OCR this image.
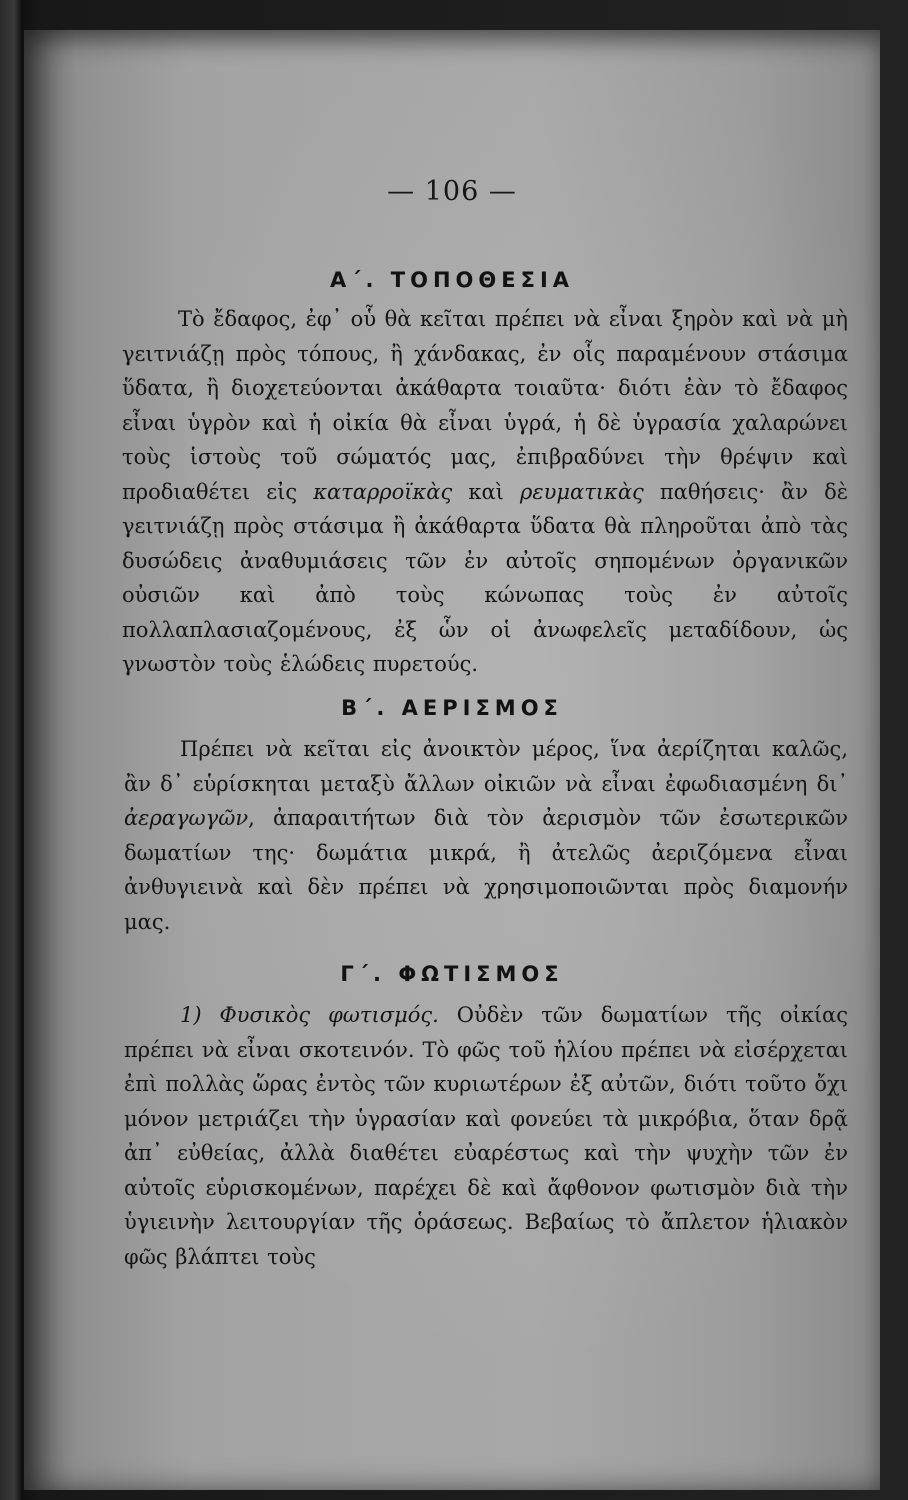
— 106 —
Α΄. ΤΟΠΟΘΕΣΙΑ

Τὸ ἔδαφος, ἐφ᾽ οὗ θὰ κεῖται πρέπει νὰ εἶναι ξηρὸν καὶ νὰ μὴ γειτνιάζῃ πρὸς τόπους, ἢ χάνδακας, ἐν οἷς παραμένουν στάσιμα ὕδατα, ἢ διοχετεύονται ἀκάθαρτα τοιαῦτα· διότι ἐὰν τὸ ἔδαφος εἶναι ὑγρὸν καὶ ἡ οἰκία θὰ εἶναι ὑγρά, ἡ δὲ ὑγρασία χαλαρώνει τοὺς ἱστοὺς τοῦ σώματός μας, ἐπιβραδύνει τὴν θρέψιν καὶ προδιαθέτει εἰς καταρροϊκὰς καὶ ρευματικὰς παθήσεις· ἂν δὲ γειτνιάζῃ πρὸς στάσιμα ἢ ἀκάθαρτα ὕδατα θὰ πληροῦται ἀπὸ τὰς δυσώδεις ἀναθυμιάσεις τῶν ἐν αὐτοῖς σηπομένων ὀργανικῶν οὐσιῶν καὶ ἀπὸ τοὺς κώνωπας τοὺς ἐν αὐτοῖς πολλαπλασιαζομένους, ἐξ ὧν οἱ ἀνωφελεῖς μεταδίδουν, ὡς γνωστὸν τοὺς ἑλώδεις πυρετούς.

Β΄. ΑΕΡΙΣΜΟΣ

Πρέπει νὰ κεῖται εἰς ἀνοικτὸν μέρος, ἵνα ἀερίζηται καλῶς, ἂν δ᾽ εὑρίσκηται μεταξὺ ἄλλων οἰκιῶν νὰ εἶναι ἐφωδιασμένη δι᾽ ἀεραγωγῶν, ἀπαραιτήτων διὰ τὸν ἀερισμὸν τῶν ἐσωτερικῶν δωματίων της· δωμάτια μικρά, ἢ ἀτελῶς ἀεριζόμενα εἶναι ἀνθυγιεινὰ καὶ δὲν πρέπει νὰ χρησιμοποιῶνται πρὸς διαμονήν μας.

Γ΄. ΦΩΤΙΣΜΟΣ

1) Φυσικὸς φωτισμός. Οὐδὲν τῶν δωματίων τῆς οἰκίας πρέπει νὰ εἶναι σκοτεινόν. Τὸ φῶς τοῦ ἡλίου πρέπει νὰ εἰσέρχεται ἐπὶ πολλὰς ὥρας ἐντὸς τῶν κυριωτέρων ἐξ αὐτῶν, διότι τοῦτο ὄχι μόνον μετριάζει τὴν ὑγρασίαν καὶ φονεύει τὰ μικρόβια, ὅταν δρᾷ ἀπ᾽ εὐθείας, ἀλλὰ διαθέτει εὐαρέστως καὶ τὴν ψυχὴν τῶν ἐν αὐτοῖς εὑρισκομένων, παρέχει δὲ καὶ ἄφθονον φωτισμὸν διὰ τὴν ὑγιεινὴν λειτουργίαν τῆς ὁράσεως. Βεβαίως τὸ ἄπλετον ἡλιακὸν φῶς βλάπτει τοὺς
